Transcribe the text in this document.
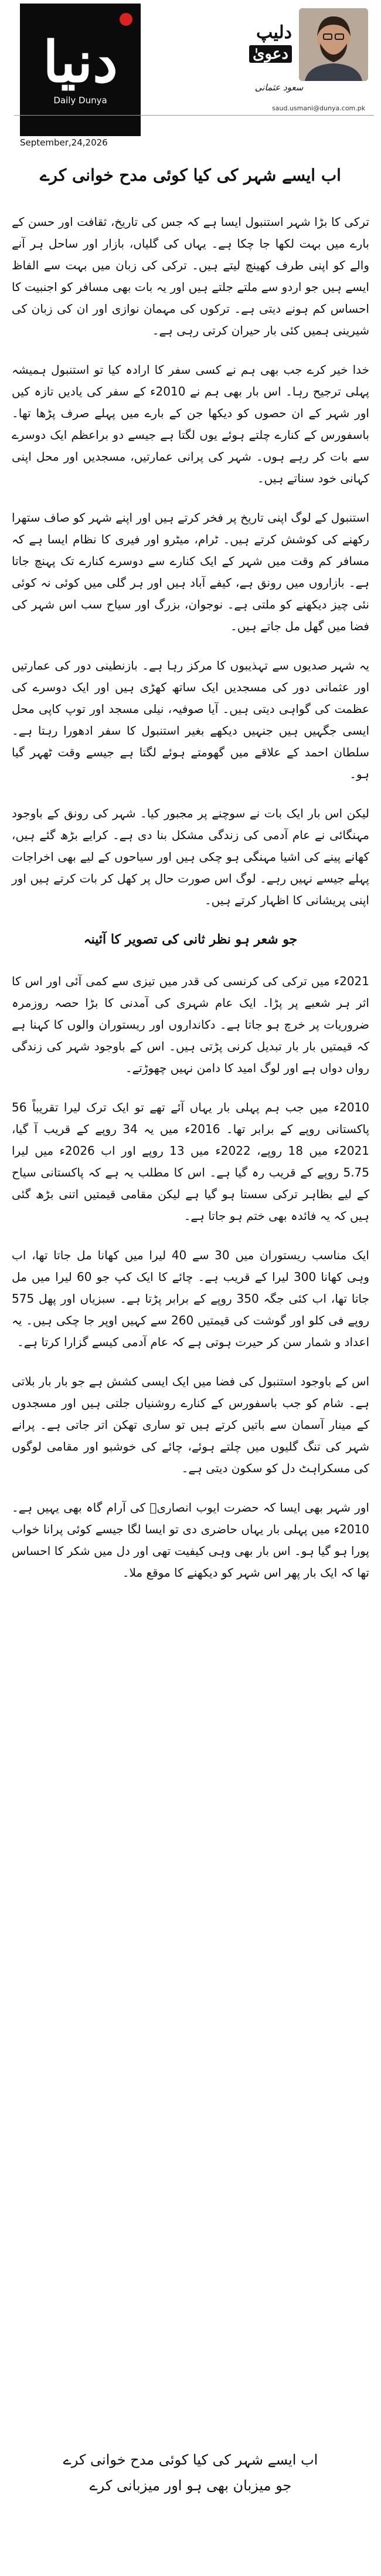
دنیا
Daily Dunya
دلیپ
دعویٰ
سعود عثمانی
saud.usmani@dunya.com.pk
September,24,2026
اب ایسے شہر کی کیا کوئی مدح خوانی کرے

ترکی کا بڑا شہر استنبول ایسا ہے کہ جس کی تاریخ، ثقافت اور حسن کے بارے میں بہت لکھا جا چکا ہے۔ یہاں کی گلیاں، بازار اور ساحل ہر آنے والے کو اپنی طرف کھینچ لیتے ہیں۔ ترکی کی زبان میں بہت سے الفاظ ایسے ہیں جو اردو سے ملتے جلتے ہیں اور یہ بات بھی مسافر کو اجنبیت کا احساس کم ہونے دیتی ہے۔ ترکوں کی مہمان نوازی اور ان کی زبان کی شیرینی ہمیں کئی بار حیران کرتی رہی ہے۔

خدا خیر کرے جب بھی ہم نے کسی سفر کا ارادہ کیا تو استنبول ہمیشہ پہلی ترجیح رہا۔ اس بار بھی ہم نے 2010ء کے سفر کی یادیں تازہ کیں اور شہر کے ان حصوں کو دیکھا جن کے بارے میں پہلے صرف پڑھا تھا۔ باسفورس کے کنارے چلتے ہوئے یوں لگتا ہے جیسے دو براعظم ایک دوسرے سے بات کر رہے ہوں۔ شہر کی پرانی عمارتیں، مسجدیں اور محل اپنی کہانی خود سناتے ہیں۔

استنبول کے لوگ اپنی تاریخ پر فخر کرتے ہیں اور اپنے شہر کو صاف ستھرا رکھنے کی کوشش کرتے ہیں۔ ٹرام، میٹرو اور فیری کا نظام ایسا ہے کہ مسافر کم وقت میں شہر کے ایک کنارے سے دوسرے کنارے تک پہنچ جاتا ہے۔ بازاروں میں رونق ہے، کیفے آباد ہیں اور ہر گلی میں کوئی نہ کوئی نئی چیز دیکھنے کو ملتی ہے۔ نوجوان، بزرگ اور سیاح سب اس شہر کی فضا میں گھل مل جاتے ہیں۔

یہ شہر صدیوں سے تہذیبوں کا مرکز رہا ہے۔ بازنطینی دور کی عمارتیں اور عثمانی دور کی مسجدیں ایک ساتھ کھڑی ہیں اور ایک دوسرے کی عظمت کی گواہی دیتی ہیں۔ آیا صوفیہ، نیلی مسجد اور توپ کاپی محل ایسی جگہیں ہیں جنہیں دیکھے بغیر استنبول کا سفر ادھورا رہتا ہے۔ سلطان احمد کے علاقے میں گھومتے ہوئے لگتا ہے جیسے وقت ٹھہر گیا ہو۔

لیکن اس بار ایک بات نے سوچنے پر مجبور کیا۔ شہر کی رونق کے باوجود مہنگائی نے عام آدمی کی زندگی مشکل بنا دی ہے۔ کرایے بڑھ گئے ہیں، کھانے پینے کی اشیا مہنگی ہو چکی ہیں اور سیاحوں کے لیے بھی اخراجات پہلے جیسے نہیں رہے۔ لوگ اس صورت حال پر کھل کر بات کرتے ہیں اور اپنی پریشانی کا اظہار کرتے ہیں۔

جو شعر ہو نظر ثانی کی تصویر کا آئینہ

2021ء میں ترکی کی کرنسی کی قدر میں تیزی سے کمی آئی اور اس کا اثر ہر شعبے پر پڑا۔ ایک عام شہری کی آمدنی کا بڑا حصہ روزمرہ ضروریات پر خرچ ہو جاتا ہے۔ دکانداروں اور ریستوران والوں کا کہنا ہے کہ قیمتیں بار بار تبدیل کرنی پڑتی ہیں۔ اس کے باوجود شہر کی زندگی رواں دواں ہے اور لوگ امید کا دامن نہیں چھوڑتے۔

2010ء میں جب ہم پہلی بار یہاں آئے تھے تو ایک ترک لیرا تقریباً 56 پاکستانی روپے کے برابر تھا۔ 2016ء میں یہ 34 روپے کے قریب آ گیا، 2021ء میں 18 روپے، 2022ء میں 13 روپے اور اب 2026ء میں لیرا 5.75 روپے کے قریب رہ گیا ہے۔ اس کا مطلب یہ ہے کہ پاکستانی سیاح کے لیے بظاہر ترکی سستا ہو گیا ہے لیکن مقامی قیمتیں اتنی بڑھ گئی ہیں کہ یہ فائدہ بھی ختم ہو جاتا ہے۔

ایک مناسب ریستوران میں 30 سے 40 لیرا میں کھانا مل جاتا تھا، اب وہی کھانا 300 لیرا کے قریب ہے۔ چائے کا ایک کپ جو 60 لیرا میں مل جاتا تھا، اب کئی جگہ 350 روپے کے برابر پڑتا ہے۔ سبزیاں اور پھل 575 روپے فی کلو اور گوشت کی قیمتیں 260 سے کہیں اوپر جا چکی ہیں۔ یہ اعداد و شمار سن کر حیرت ہوتی ہے کہ عام آدمی کیسے گزارا کرتا ہے۔

اس کے باوجود استنبول کی فضا میں ایک ایسی کشش ہے جو بار بار بلاتی ہے۔ شام کو جب باسفورس کے کنارے روشنیاں جلتی ہیں اور مسجدوں کے مینار آسمان سے باتیں کرتے ہیں تو ساری تھکن اتر جاتی ہے۔ پرانے شہر کی تنگ گلیوں میں چلتے ہوئے، چائے کی خوشبو اور مقامی لوگوں کی مسکراہٹ دل کو سکون دیتی ہے۔

اور شہر بھی ایسا کہ حضرت ایوب انصاریؓ کی آرام گاہ بھی یہیں ہے۔ 2010ء میں پہلی بار یہاں حاضری دی تو ایسا لگا جیسے کوئی پرانا خواب پورا ہو گیا ہو۔ اس بار بھی وہی کیفیت تھی اور دل میں شکر کا احساس تھا کہ ایک بار پھر اس شہر کو دیکھنے کا موقع ملا۔

اب ایسے شہر کی کیا کوئی مدح خوانی کرے
جو میزبان بھی ہو اور میزبانی کرے
